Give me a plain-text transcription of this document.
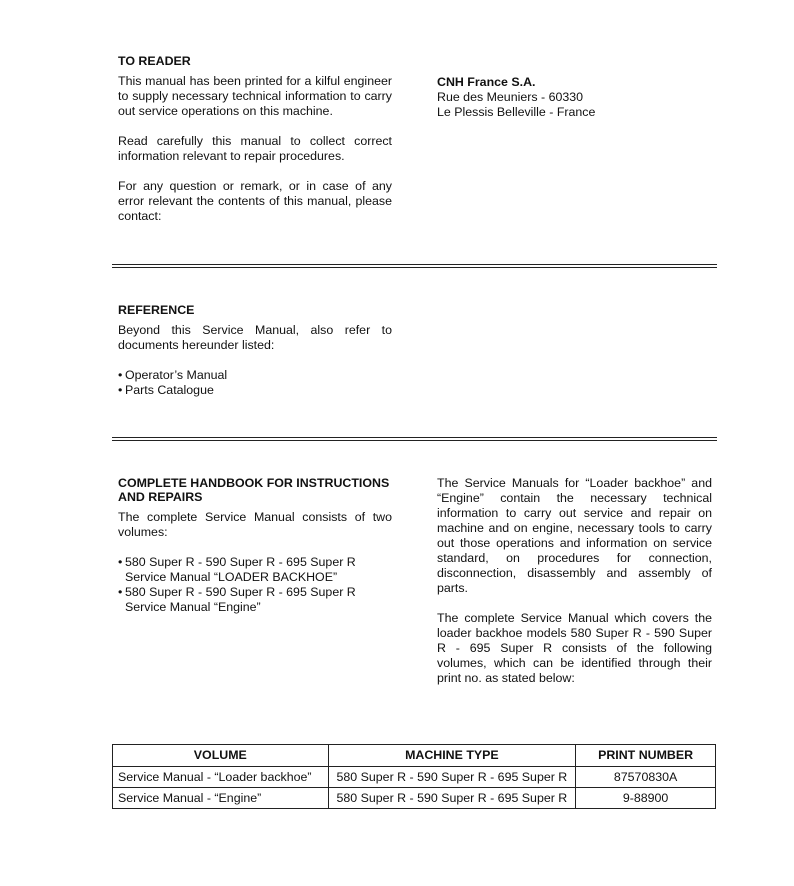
TO READER

This manual has been printed for a kilful engineer to supply necessary technical information to carry out service operations on this machine.

Read carefully this manual to collect correct information relevant to repair procedures.

For any question or remark, or in case of any error relevant the contents of this manual, please contact:

CNH France S.A.
Rue des Meuniers - 60330
Le Plessis Belleville - France
REFERENCE

Beyond this Service Manual, also refer to documents hereunder listed:

• Operator’s Manual
• Parts Catalogue
COMPLETE HANDBOOK FOR INSTRUCTIONS
AND REPAIRS

The complete Service Manual consists of two volumes:

• 580 Super R - 590 Super R - 695 Super R
Service Manual “LOADER BACKHOE”
• 580 Super R - 590 Super R - 695 Super R
Service Manual “Engine”

The Service Manuals for “Loader backhoe” and “Engine” contain the necessary technical information to carry out service and repair on machine and on engine, necessary tools to carry out those operations and information on service standard, on procedures for connection, disconnection, disassembly and assembly of parts.

The complete Service Manual which covers the loader backhoe models 580 Super R - 590 Super R - 695 Super R consists of the following volumes, which can be identified through their print no. as stated below:

VOLUME	MACHINE TYPE	PRINT NUMBER
Service Manual - “Loader backhoe”	580 Super R - 590 Super R - 695 Super R	87570830A
Service Manual - “Engine”	580 Super R - 590 Super R - 695 Super R	9-88900
